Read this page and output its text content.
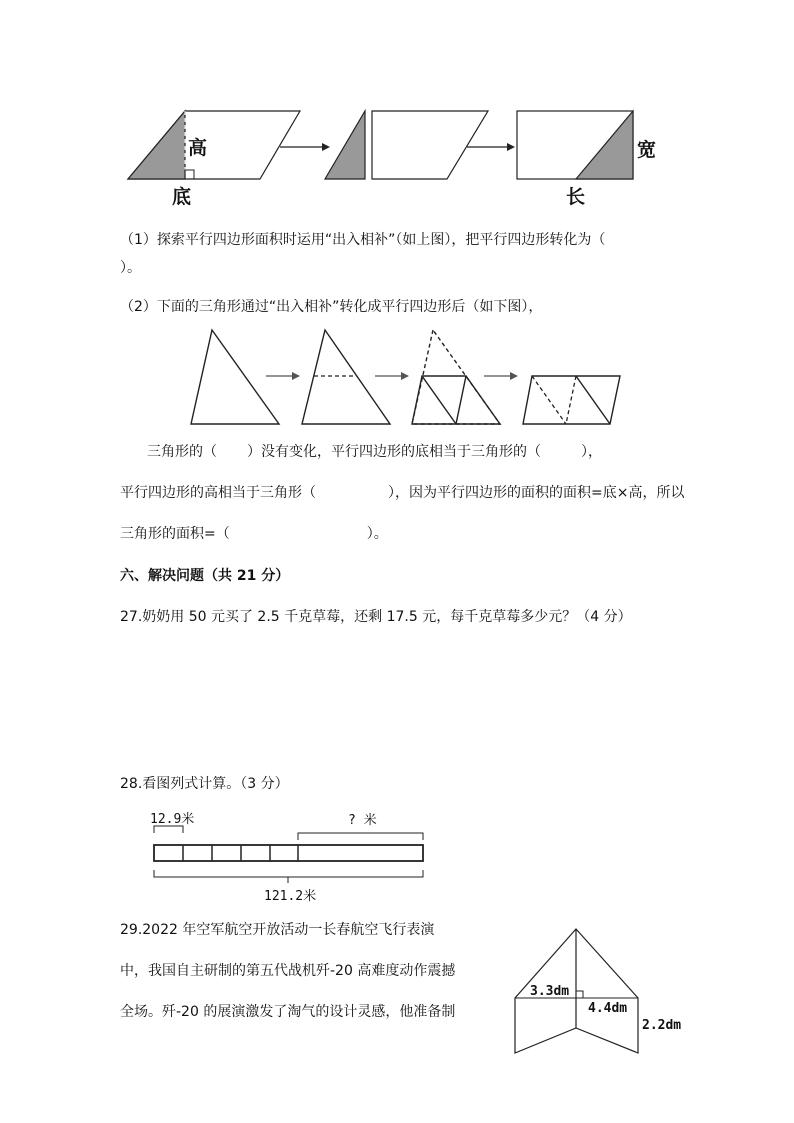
高
底
宽
长
（1）探索平行四边形面积时运用“出入相补”（如上图），把平行四边形转化为（
）。
（2）下面的三角形通过“出入相补”转化成平行四边形后（如下图），
三角形的（ ）没有变化，平行四边形的底相当于三角形的（	），
平行四边形的高相当于三角形（	），因为平行四边形的面积的面积=底×高，所以
三角形的面积=（	）。
六、解决问题（共 21 分）
27.奶奶用 50 元买了 2.5 千克草莓，还剩 17.5 元，每千克草莓多少元？（4 分）
28.看图列式计算。（3 分）
12.9米	? 米
121.2米
29.2022 年空军航空开放活动一长春航空飞行表演
中，我国自主研制的第五代战机歼-20 高难度动作震撼
全场。歼-20 的展演激发了淘气的设计灵感，他准备制
3.3dm
4.4dm
2.2dm
